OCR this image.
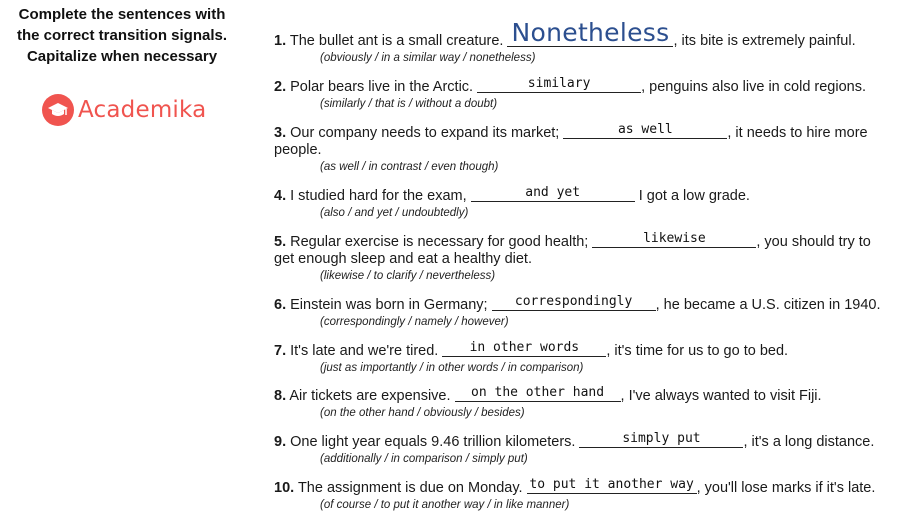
Complete the sentences with
the correct transition signals.
Capitalize when necessary
Academika
1. The bullet ant is a small creature. Nonetheless , its bite is extremely painful.
(obviously / in a similar way / nonetheless)
2. Polar bears live in the Arctic.	similary	, penguins also live in cold regions.
(similarly / that is / without a doubt)
3. Our company needs to expand its market;	as well	, it needs to hire more people.
(as well / in contrast / even though)
4. I studied hard for the exam,	and yet	I got a low grade.
(also / and yet / undoubtedly)
5. Regular exercise is necessary for good health;	likewise	, you should try to get enough sleep and eat a healthy diet.
(likewise / to clarify / nevertheless)
6. Einstein was born in Germany;	correspondingly	, he became a U.S. citizen in 1940.
(correspondingly / namely / however)
7. It's late and we're tired.	in other words	, it's time for us to go to bed.
(just as importantly / in other words / in comparison)
8. Air tickets are expensive.	on the other hand	, I've always wanted to visit Fiji.
(on the other hand / obviously / besides)
9. One light year equals 9.46 trillion kilometers.	simply put	, it's a long distance.
(additionally / in comparison / simply put)
10. The assignment is due on Monday. to put it another way , you'll lose marks if it's late.
(of course / to put it another way / in like manner)
